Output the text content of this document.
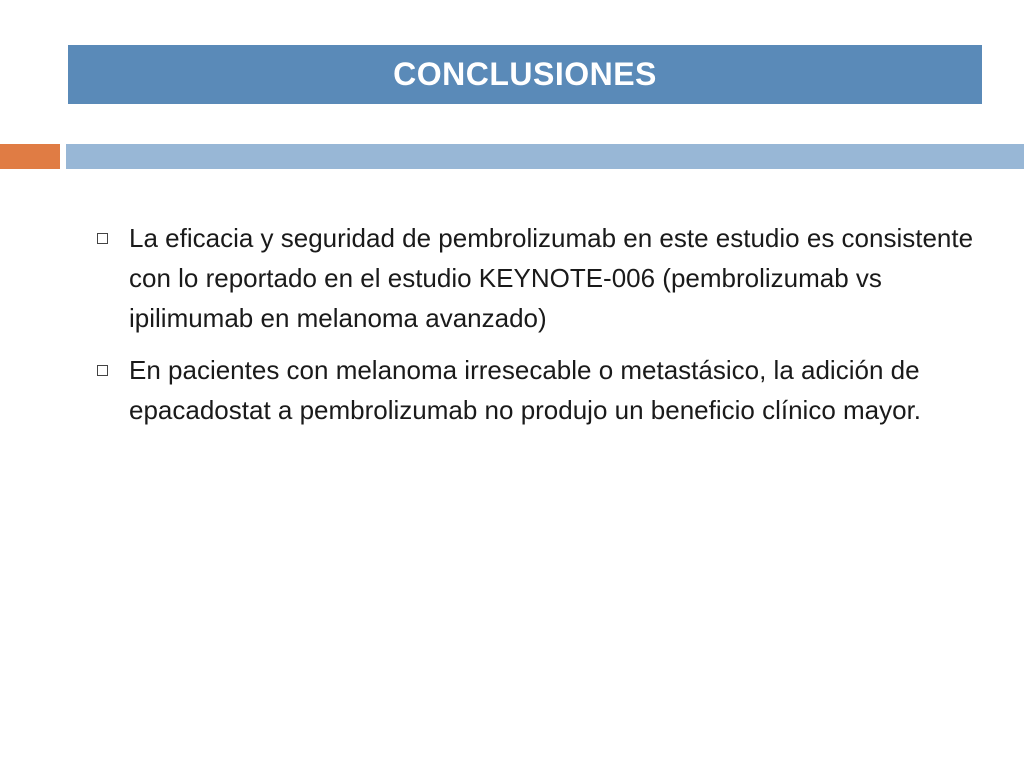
CONCLUSIONES
La eficacia y seguridad de pembrolizumab en este estudio es consistente con lo reportado en el estudio KEYNOTE-006 (pembrolizumab vs ipilimumab en melanoma avanzado)
En pacientes con melanoma irresecable o metastásico, la adición de epacadostat a pembrolizumab no produjo un beneficio clínico mayor.
